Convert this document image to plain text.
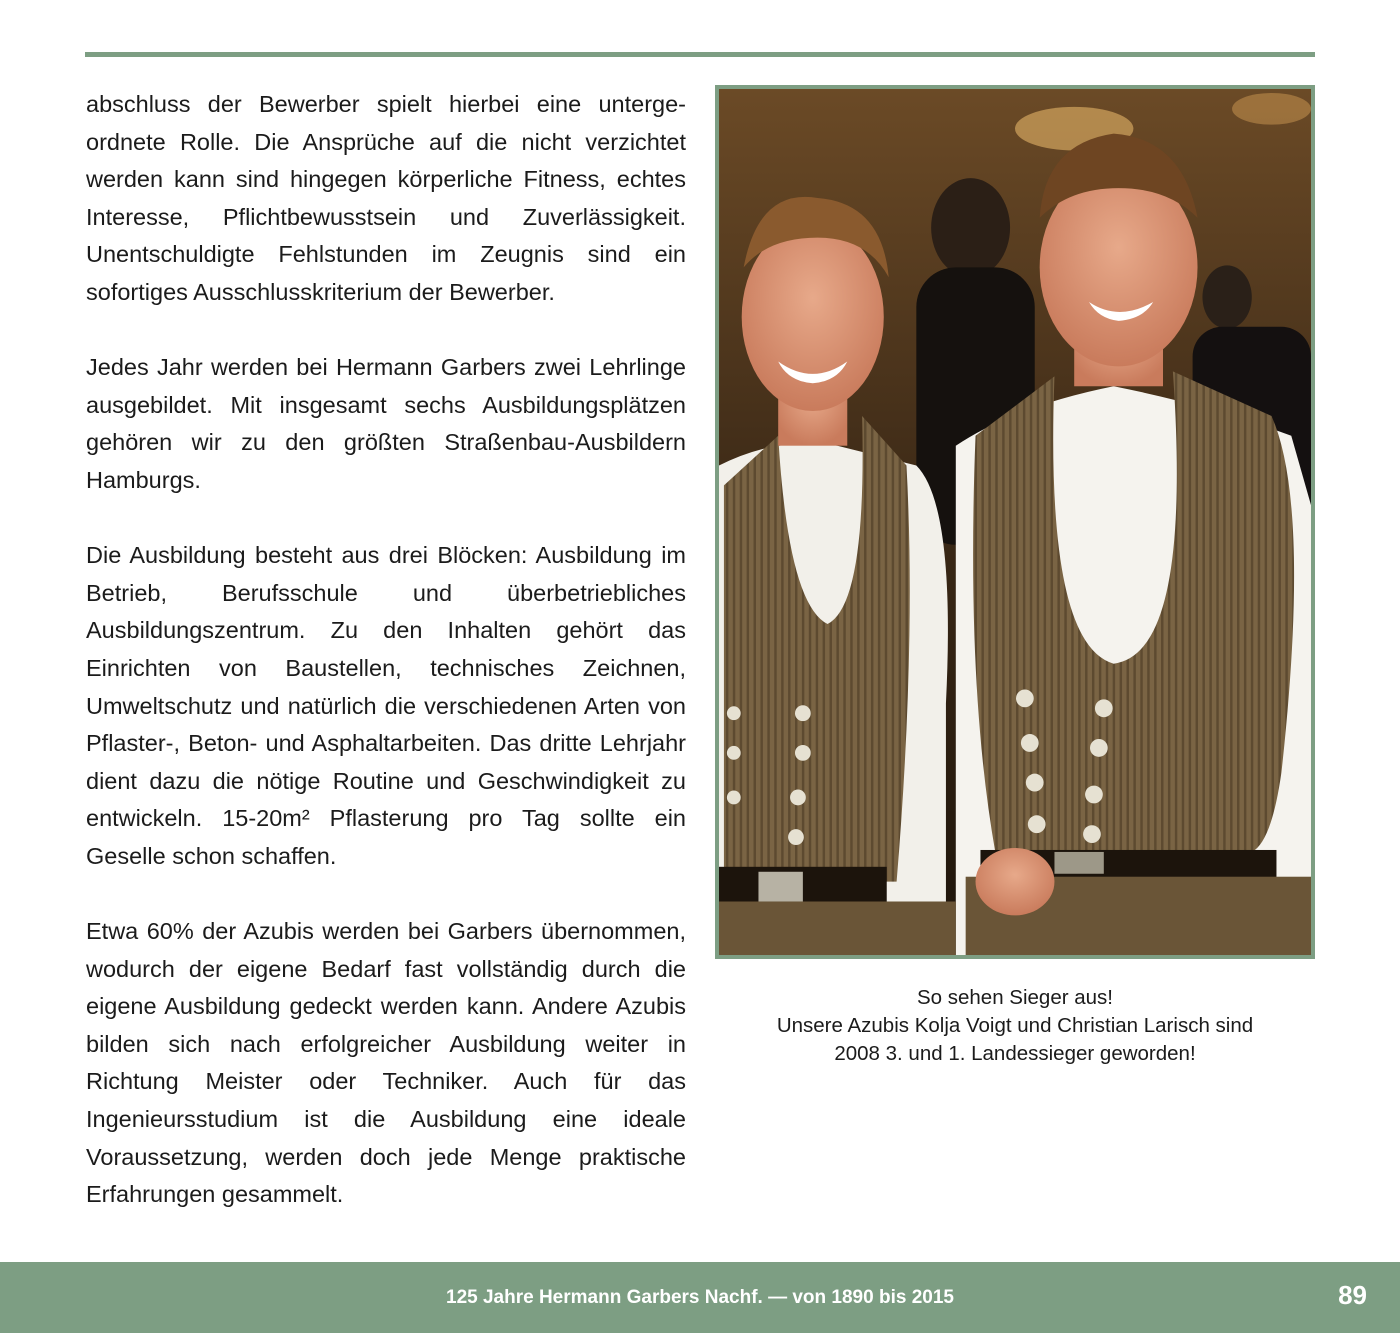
abschluss der Bewerber spielt hierbei eine untergeordnete Rolle. Die Ansprüche auf die nicht verzichtet werden kann sind hingegen körperliche Fitness, echtes Interesse, Pflichtbewusstsein und Zuverlässigkeit. Unentschuldigte Fehlstunden im Zeugnis sind ein sofortiges Ausschlusskriterium der Bewerber.

Jedes Jahr werden bei Hermann Garbers zwei Lehrlinge ausgebildet. Mit insgesamt sechs Ausbildungsplätzen gehören wir zu den größten Straßenbau-Ausbildern Hamburgs.

Die Ausbildung besteht aus drei Blöcken: Ausbildung im Betrieb, Berufsschule und überbetriebliches Ausbildungszentrum. Zu den Inhalten gehört das Einrichten von Baustellen, technisches Zeichnen, Umweltschutz und natürlich die verschiedenen Arten von Pflaster-, Beton- und Asphaltarbeiten. Das dritte Lehrjahr dient dazu die nötige Routine und Geschwindigkeit zu entwickeln. 15-20m² Pflasterung pro Tag sollte ein Geselle schon schaffen.

Etwa 60% der Azubis werden bei Garbers übernommen, wodurch der eigene Bedarf fast vollständig durch die eigene Ausbildung gedeckt werden kann. Andere Azubis bilden sich nach erfolgreicher Ausbildung weiter in Richtung Meister oder Techniker. Auch für das Ingenieursstudium ist die Ausbildung eine ideale Voraussetzung, werden doch jede Menge praktische Erfahrungen gesammelt.

So sehen Sieger aus!
Unsere Azubis Kolja Voigt und Christian Larisch sind
2008 3. und 1. Landessieger geworden!
125 Jahre Hermann Garbers Nachf. — von 1890 bis 2015	89
